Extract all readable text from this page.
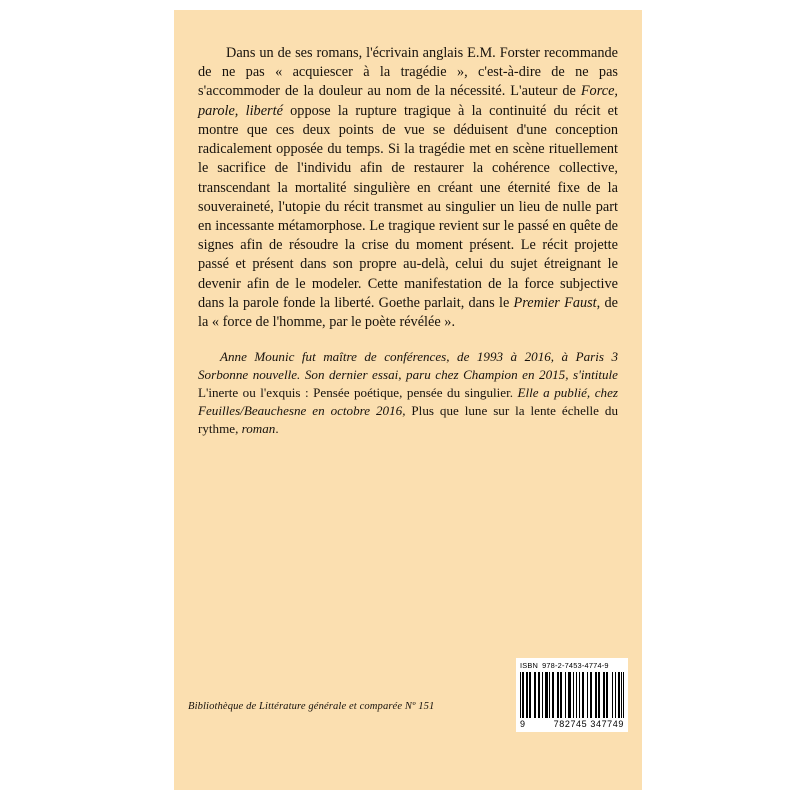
Dans un de ses romans, l'écrivain anglais E.M. Forster recommande de ne pas « acquiescer à la tragédie », c'est-à-dire de ne pas s'accommoder de la douleur au nom de la nécessité. L'auteur de Force, parole, liberté oppose la rupture tragique à la continuité du récit et montre que ces deux points de vue se déduisent d'une conception radicalement opposée du temps. Si la tragédie met en scène rituellement le sacrifice de l'individu afin de restaurer la cohérence collective, transcendant la mortalité singulière en créant une éternité fixe de la souveraineté, l'utopie du récit transmet au singulier un lieu de nulle part en incessante métamorphose. Le tragique revient sur le passé en quête de signes afin de résoudre la crise du moment présent. Le récit projette passé et présent dans son propre au-delà, celui du sujet étreignant le devenir afin de le modeler. Cette manifestation de la force subjective dans la parole fonde la liberté. Goethe parlait, dans le Premier Faust, de la « force de l'homme, par le poète révélée ».
Anne Mounic fut maître de conférences, de 1993 à 2016, à Paris 3 Sorbonne nouvelle. Son dernier essai, paru chez Champion en 2015, s'intitule L'inerte ou l'exquis : Pensée poétique, pensée du singulier. Elle a publié, chez Feuilles/Beauchesne en octobre 2016, Plus que lune sur la lente échelle du rythme, roman.
Bibliothèque de Littérature générale et comparée Nº 151
ISBN 978-2-7453-4774-9
9	782745 347749
